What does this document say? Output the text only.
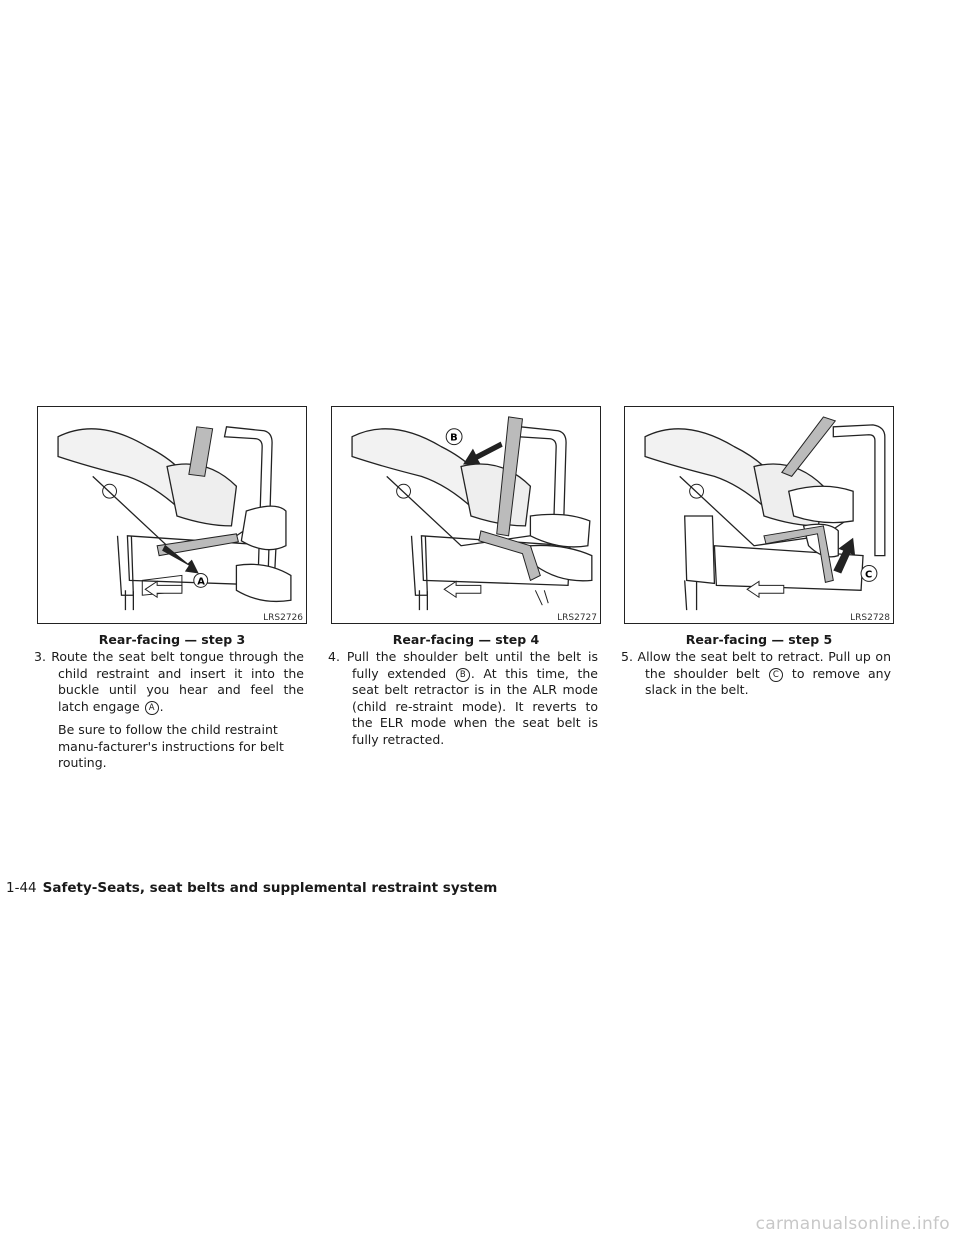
A
LRS2726
B
LRS2727
C
LRS2728
Rear-facing — step 3	Rear-facing — step 4	Rear-facing — step 5

3. Route the seat belt tongue through the child restraint and insert it into the buckle until you hear and feel the latch engage A .

Be sure to follow the child restraint manu-facturer's instructions for belt routing.

4. Pull the shoulder belt until the belt is fully extended B . At this time, the seat belt retractor is in the ALR mode (child re-straint mode). It reverts to the ELR mode when the seat belt is fully retracted.

5. Allow the seat belt to retract. Pull up on the shoulder belt C to remove any slack in the belt.

1-44 Safety-Seats, seat belts and supplemental restraint system
carmanualsonline.info
